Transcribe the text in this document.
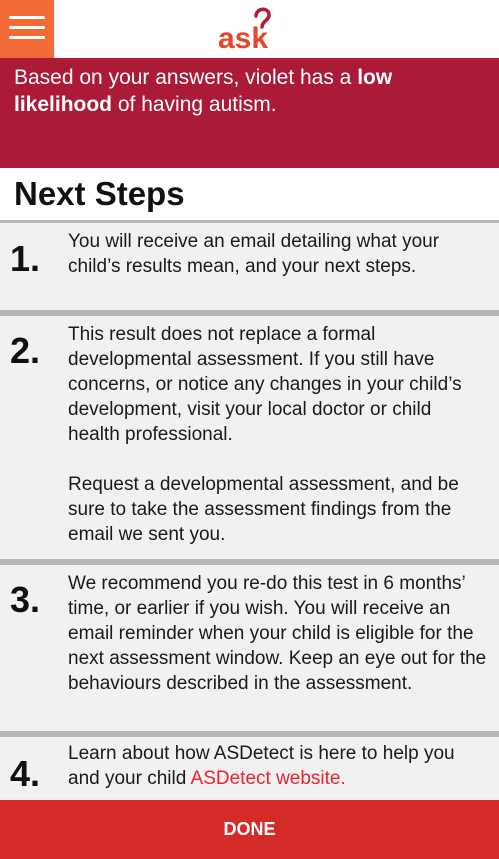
ask
Based on your answers, violet has a low likelihood of having autism.
Next Steps
1. You will receive an email detailing what your child’s results mean, and your next steps.

2. This result does not replace a formal developmental assessment. If you still have concerns, or notice any changes in your child’s development, visit your local doctor or child health professional.

Request a developmental assessment, and be sure to take the assessment findings from the email we sent you.

3. We recommend you re-do this test in 6 months’ time, or earlier if you wish. You will receive an email reminder when your child is eligible for the next assessment window. Keep an eye out for the behaviours described in the assessment.

4. Learn about how ASDetect is here to help you and your child ASDetect website.
DONE
